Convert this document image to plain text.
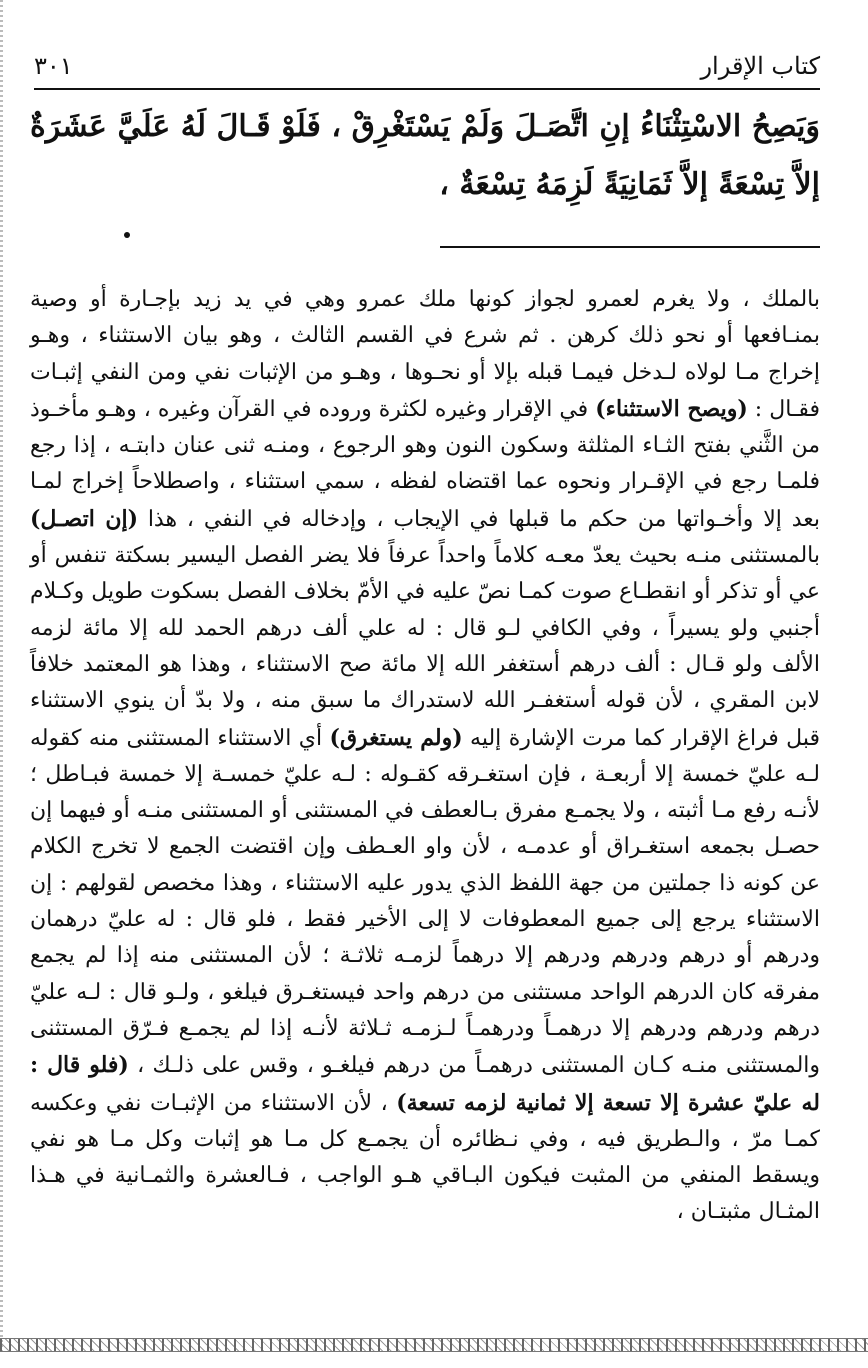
كتاب الإقرار
٣٠١
وَيَصِحُ الاسْتِثْنَاءُ إنِ اتَّصَـلَ وَلَمْ يَسْتَغْرِقْ ، فَلَوْ قَـالَ لَهُ عَلَيَّ عَشَرَةٌ إلاَّ تِسْعَةً إلاَّ ثَمَانِيَةً لَزِمَهُ تِسْعَةٌ ،

بالملك ، ولا يغرم لعمرو لجواز كونها ملك عمرو وهي في يد زيد بإجـارة أو وصية بمنـافعها أو نحو ذلك كرهن . ثم شرع في القسم الثالث ، وهو بيان الاستثناء ، وهـو إخراج مـا لولاه لـدخل فيمـا قبله بإلا أو نحـوها ، وهـو من الإثبات نفي ومن النفي إثبـات فقـال : (ويصح الاستثناء) في الإقرار وغيره لكثرة وروده في القرآن وغيره ، وهـو مأخـوذ من الثَّني بفتح الثـاء المثلثة وسكون النون وهو الرجوع ، ومنـه ثنى عنان دابتـه ، إذا رجع فلمـا رجع في الإقـرار ونحوه عما اقتضاه لفظه ، سمي استثناء ، واصطلاحاً إخراج لمـا بعد إلا وأخـواتها من حكم ما قبلها في الإيجاب ، وإدخاله في النفي ، هذا (إن اتصـل) بالمستثنى منـه بحيث يعدّ معـه كلاماً واحداً عرفاً فلا يضر الفصل اليسير بسكتة تنفس أو عي أو تذكر أو انقطـاع صوت كمـا نصّ عليه في الأمّ بخلاف الفصل بسكوت طويل وكـلام أجنبي ولو يسيراً ، وفي الكافي لـو قال : له علي ألف درهم الحمد لله إلا مائة لزمه الألف ولو قـال : ألف درهم أستغفر الله إلا مائة صح الاستثناء ، وهذا هو المعتمد خلافاً لابن المقري ، لأن قوله أستغفـر الله لاستدراك ما سبق منه ، ولا بدّ أن ينوي الاستثناء قبل فراغ الإقرار كما مرت الإشارة إليه (ولم يستغرق) أي الاستثناء المستثنى منه كقوله لـه عليّ خمسة إلا أربعـة ، فإن استغـرقه كقـوله : لـه عليّ خمسـة إلا خمسة فبـاطل ؛ لأنـه رفع مـا أثبته ، ولا يجمـع مفرق بـالعطف في المستثنى أو المستثنى منـه أو فيهما إن حصـل بجمعه استغـراق أو عدمـه ، لأن واو العـطف وإن اقتضت الجمع لا تخرج الكلام عن كونه ذا جملتين من جهة اللفظ الذي يدور عليه الاستثناء ، وهذا مخصص لقولهم : إن الاستثناء يرجع إلى جميع المعطوفات لا إلى الأخير فقط ، فلو قال : له عليّ درهمان ودرهم أو درهم ودرهم ودرهم إلا درهماً لزمـه ثلاثـة ؛ لأن المستثنى منه إذا لم يجمع مفرقه كان الدرهم الواحد مستثنى من درهم واحد فيستغـرق فيلغو ، ولـو قال : لـه عليّ درهم ودرهم ودرهم إلا درهمـاً ودرهمـاً لـزمـه ثـلاثة لأنـه إذا لم يجمـع فـرّق المستثنى والمستثنى منـه كـان المستثنى درهمـاً من درهم فيلغـو ، وقس على ذلـك ، (فلو قال : له عليّ عشرة إلا تسعة إلا ثمانية لزمه تسعة) ، لأن الاستثناء من الإثبـات نفي وعكسه كمـا مرّ ، والـطريق فيه ، وفي نـظائره أن يجمـع كل مـا هو إثبات وكل مـا هو نفي ويسقط المنفي من المثبت فيكون البـاقي هـو الواجب ، فـالعشرة والثمـانية في هـذا المثـال مثبتـان ،
